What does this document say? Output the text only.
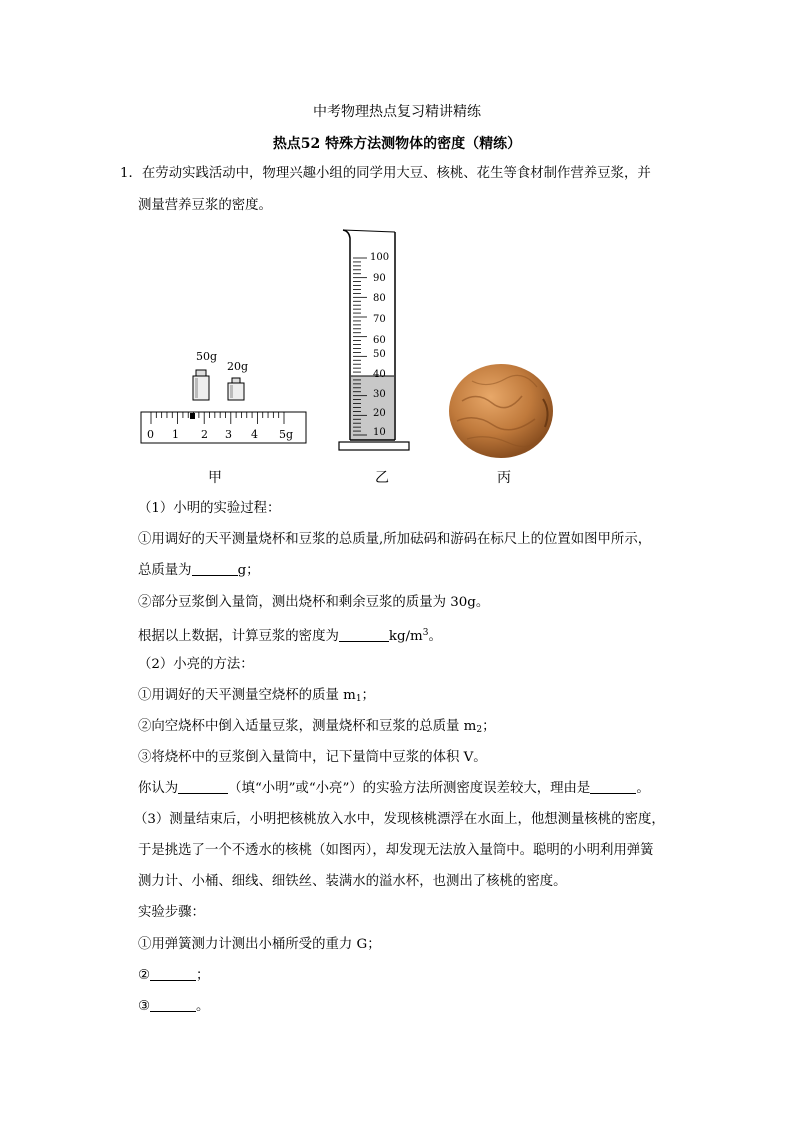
中考物理热点复习精讲精练
热点52 特殊方法测物体的密度（精练）
1．在劳动实践活动中，物理兴趣小组的同学用大豆、核桃、花生等食材制作营养豆浆，并
测量营养豆浆的密度。
50g
20g
0 1 2 3 4 5g
甲
100
90
80
70
60
50
40
30
20
10
乙	丙
（1）小明的实验过程：
①用调好的天平测量烧杯和豆浆的总质量,所加砝码和游码在标尺上的位置如图甲所示，
总质量为	g；
②部分豆浆倒入量筒，测出烧杯和剩余豆浆的质量为 30g。
根据以上数据，计算豆浆的密度为	$kg/m^3$。
（2）小亮的方法：
①用调好的天平测量空烧杯的质量 $m_1$；
②向空烧杯中倒入适量豆浆，测量烧杯和豆浆的总质量 $m_2$；
③将烧杯中的豆浆倒入量筒中，记下量筒中豆浆的体积 V。
你认为	（填“小明”或“小亮”）的实验方法所测密度误差较大，理由是	。
（3）测量结束后，小明把核桃放入水中，发现核桃漂浮在水面上，他想测量核桃的密度，
于是挑选了一个不透水的核桃（如图丙），却发现无法放入量筒中。聪明的小明利用弹簧
测力计、小桶、细线、细铁丝、装满水的溢水杯，也测出了核桃的密度。
实验步骤：
①用弹簧测力计测出小桶所受的重力 G；
②	；
③	。
